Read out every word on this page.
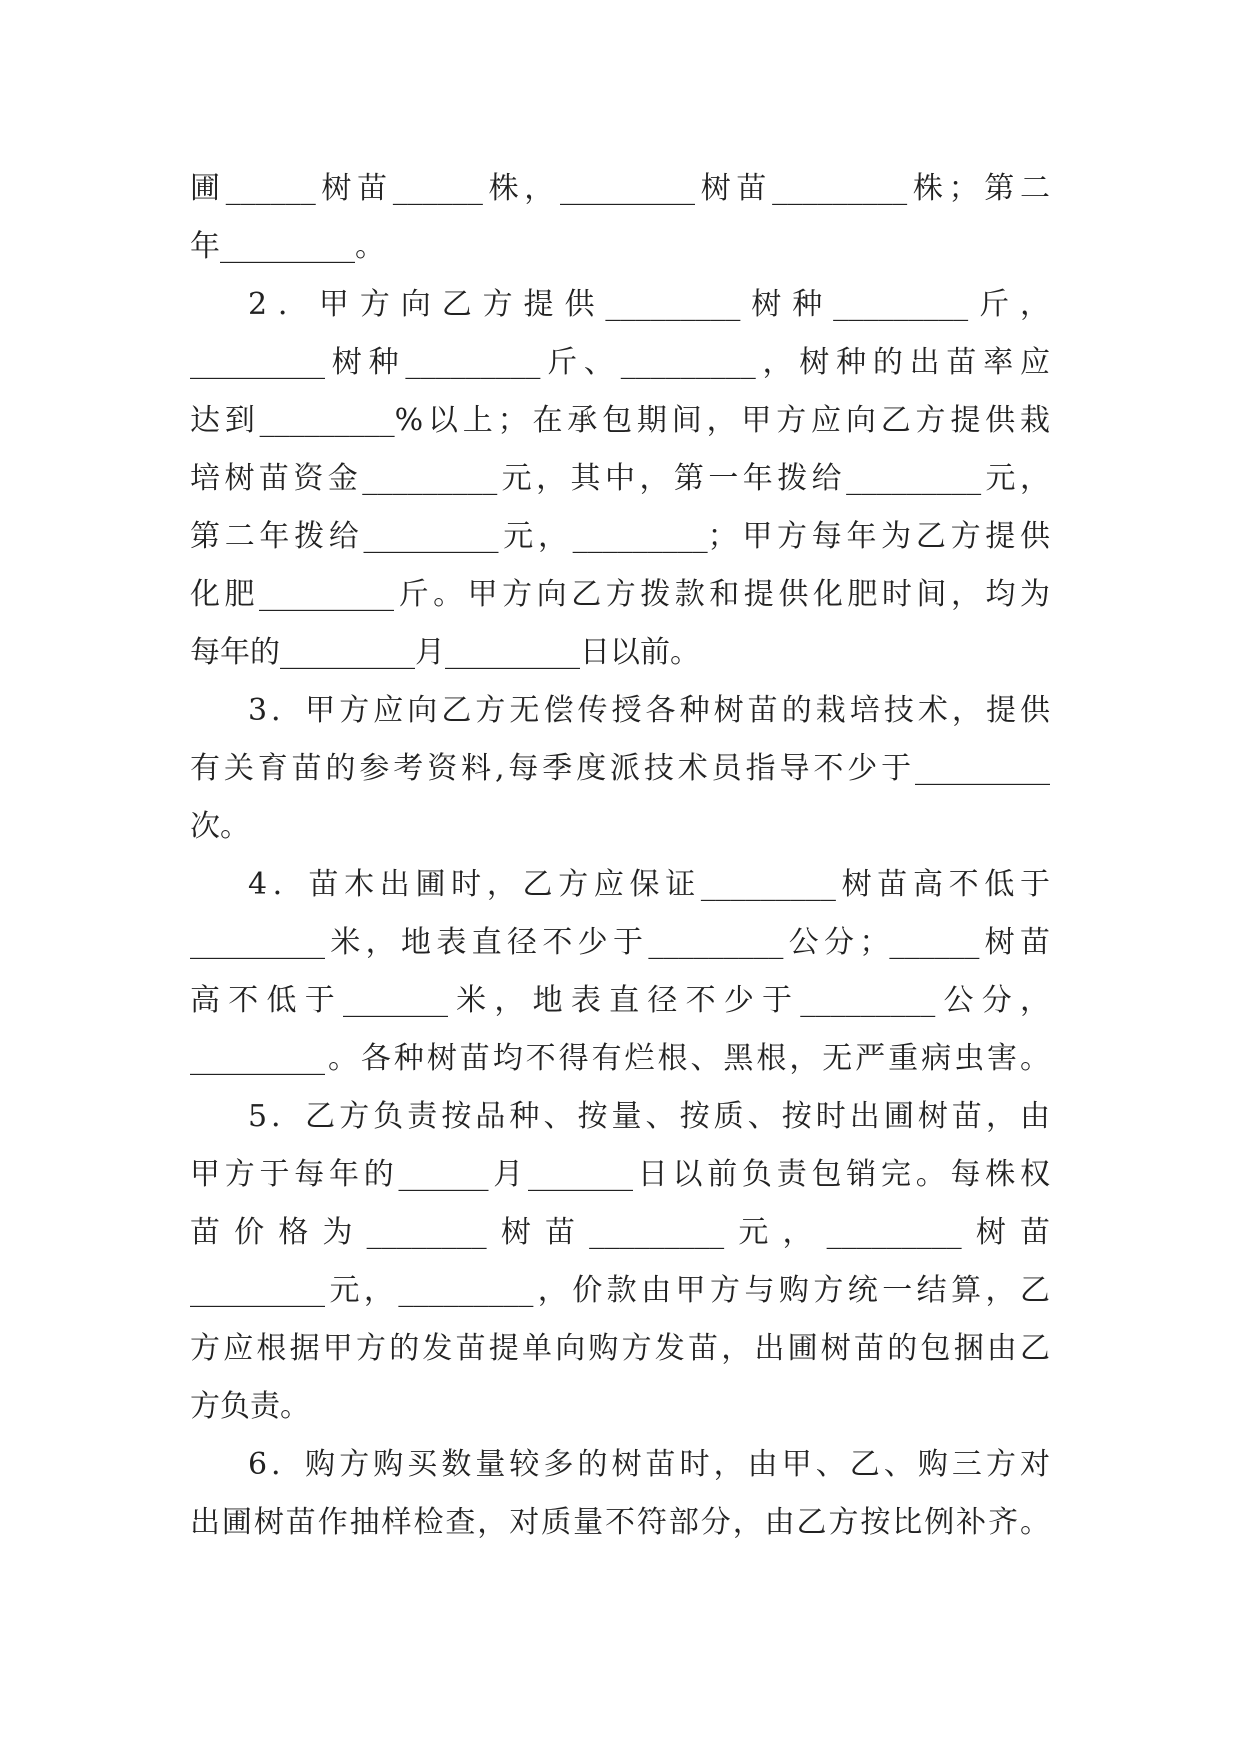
圃______树苗______株，_________树苗_________株；第二
年_________。
2．甲方向乙方提供_________树种_________斤，
_________树种_________斤、_________，树种的出苗率应
达到_________%以上；在承包期间，甲方应向乙方提供栽
培树苗资金_________元，其中，第一年拨给_________元，
第二年拨给_________元，_________；甲方每年为乙方提供
化肥_________斤。甲方向乙方拨款和提供化肥时间，均为
每年的_________月_________日以前。
3．甲方应向乙方无偿传授各种树苗的栽培技术，提供
有关育苗的参考资料,每季度派技术员指导不少于_________
次。
4．苗木出圃时，乙方应保证_________树苗高不低于
_________米，地表直径不少于_________公分；______树苗
高不低于_______米，地表直径不少于_________公分，
_________。各种树苗均不得有烂根、黑根，无严重病虫害。
5．乙方负责按品种、按量、按质、按时出圃树苗，由
甲方于每年的______月_______日以前负责包销完。每株权
苗价格为________树苗_________元，_________树苗
_________元，_________，价款由甲方与购方统一结算，乙
方应根据甲方的发苗提单向购方发苗，出圃树苗的包捆由乙
方负责。
6．购方购买数量较多的树苗时，由甲、乙、购三方对
出圃树苗作抽样检查，对质量不符部分，由乙方按比例补齐。
